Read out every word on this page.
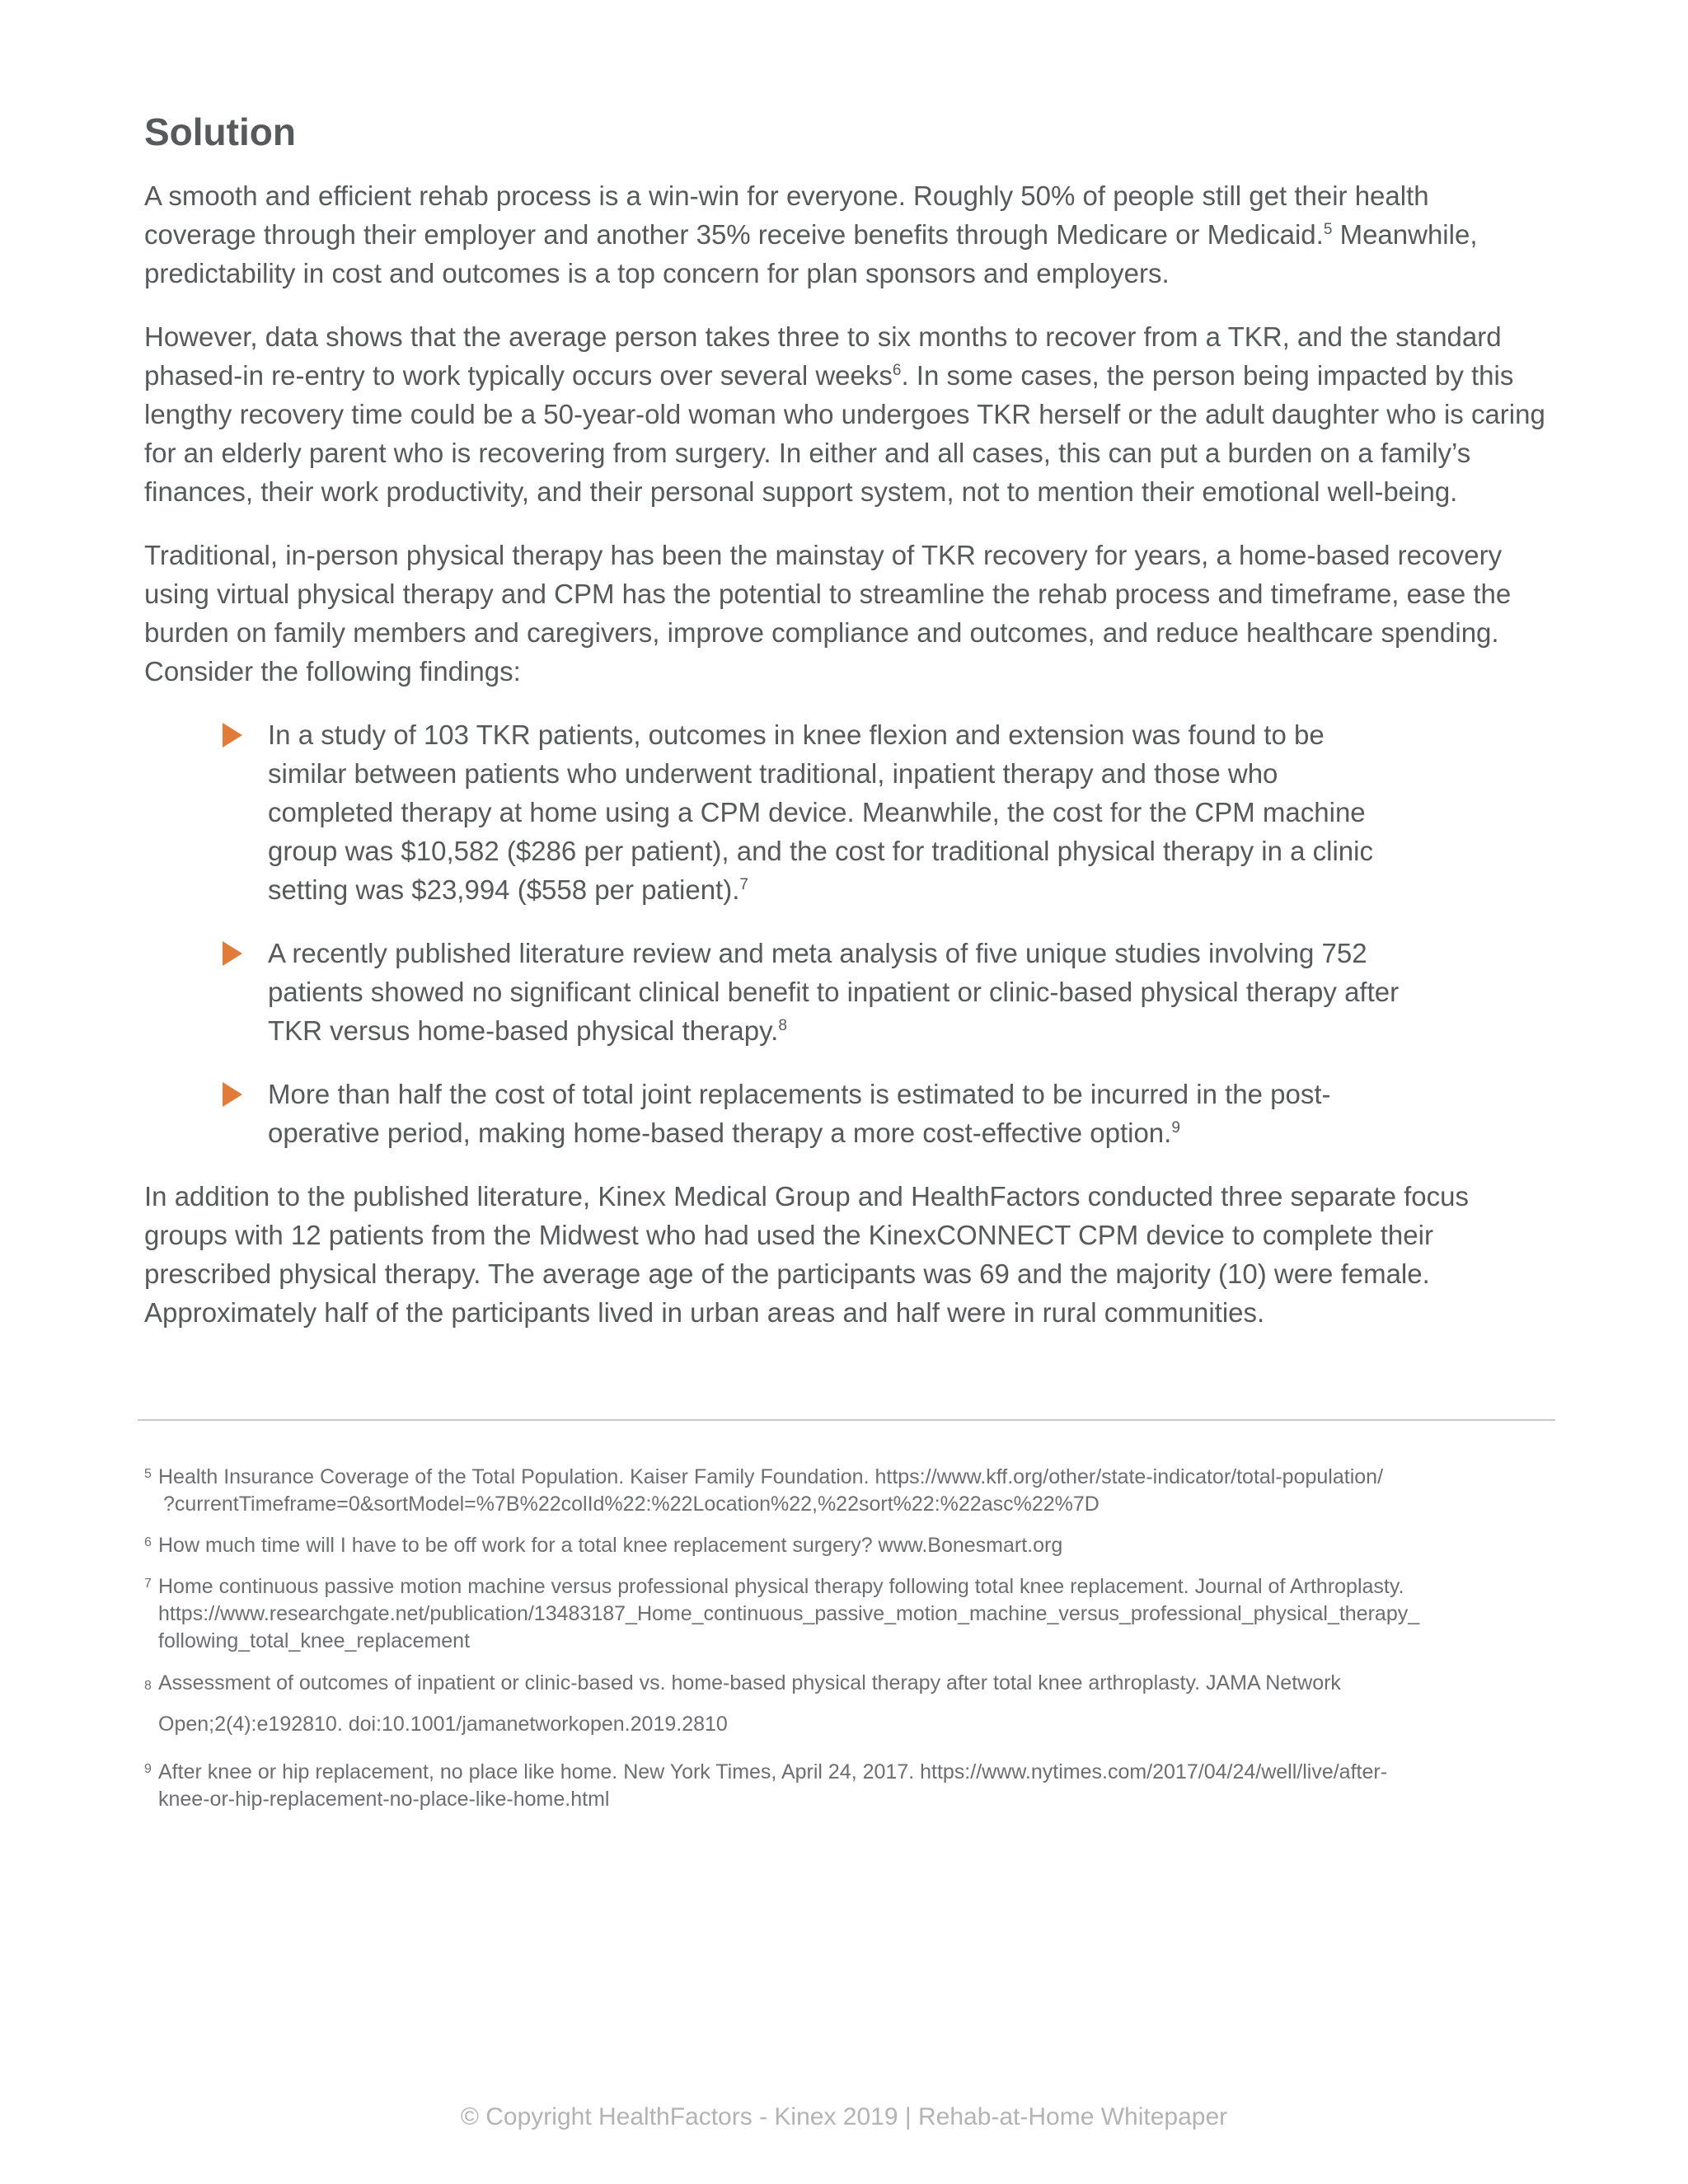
Solution

A smooth and efficient rehab process is a win-win for everyone. Roughly 50% of people still get their health coverage through their employer and another 35% receive benefits through Medicare or Medicaid.$^5$ Meanwhile, predictability in cost and outcomes is a top concern for plan sponsors and employers.

However, data shows that the average person takes three to six months to recover from a TKR, and the standard phased-in re-entry to work typically occurs over several weeks$^6$. In some cases, the person being impacted by this lengthy recovery time could be a 50-year-old woman who undergoes TKR herself or the adult daughter who is caring for an elderly parent who is recovering from surgery. In either and all cases, this can put a burden on a family’s finances, their work productivity, and their personal support system, not to mention their emotional well-being.

Traditional, in-person physical therapy has been the mainstay of TKR recovery for years, a home-based recovery using virtual physical therapy and CPM has the potential to streamline the rehab process and timeframe, ease the burden on family members and caregivers, improve compliance and outcomes, and reduce healthcare spending. Consider the following findings:

In a study of 103 TKR patients, outcomes in knee flexion and extension was found to be similar between patients who underwent traditional, inpatient therapy and those who completed therapy at home using a CPM device. Meanwhile, the cost for the CPM machine group was $10,582 ($286 per patient), and the cost for traditional physical therapy in a clinic setting was $23,994 ($558 per patient).$^7$
A recently published literature review and meta analysis of five unique studies involving 752 patients showed no significant clinical benefit to inpatient or clinic-based physical therapy after TKR versus home-based physical therapy.$^8$
More than half the cost of total joint replacements is estimated to be incurred in the post-operative period, making home-based therapy a more cost-effective option.$^9$

In addition to the published literature, Kinex Medical Group and HealthFactors conducted three separate focus groups with 12 patients from the Midwest who had used the KinexCONNECT CPM device to complete their prescribed physical therapy. The average age of the participants was 69 and the majority (10) were female. Approximately half of the participants lived in urban areas and half were in rural communities.

5 Health Insurance Coverage of the Total Population. Kaiser Family Foundation. https://www.kff.org/other/state-indicator/total-population/
?currentTimeframe=0&sortModel=%7B%22colId%22:%22Location%22,%22sort%22:%22asc%22%7D
6 How much time will I have to be off work for a total knee replacement surgery? www.Bonesmart.org
7 Home continuous passive motion machine versus professional physical therapy following total knee replacement. Journal of Arthroplasty.
https://www.researchgate.net/publication/13483187_Home_continuous_passive_motion_machine_versus_professional_physical_therapy_
following_total_knee_replacement
8 Assessment of outcomes of inpatient or clinic-based vs. home-based physical therapy after total knee arthroplasty. JAMA Network
Open;2(4):e192810. doi:10.1001/jamanetworkopen.2019.2810
9 After knee or hip replacement, no place like home. New York Times, April 24, 2017. https://www.nytimes.com/2017/04/24/well/live/after-
knee-or-hip-replacement-no-place-like-home.html
© Copyright HealthFactors - Kinex 2019 | Rehab-at-Home Whitepaper
